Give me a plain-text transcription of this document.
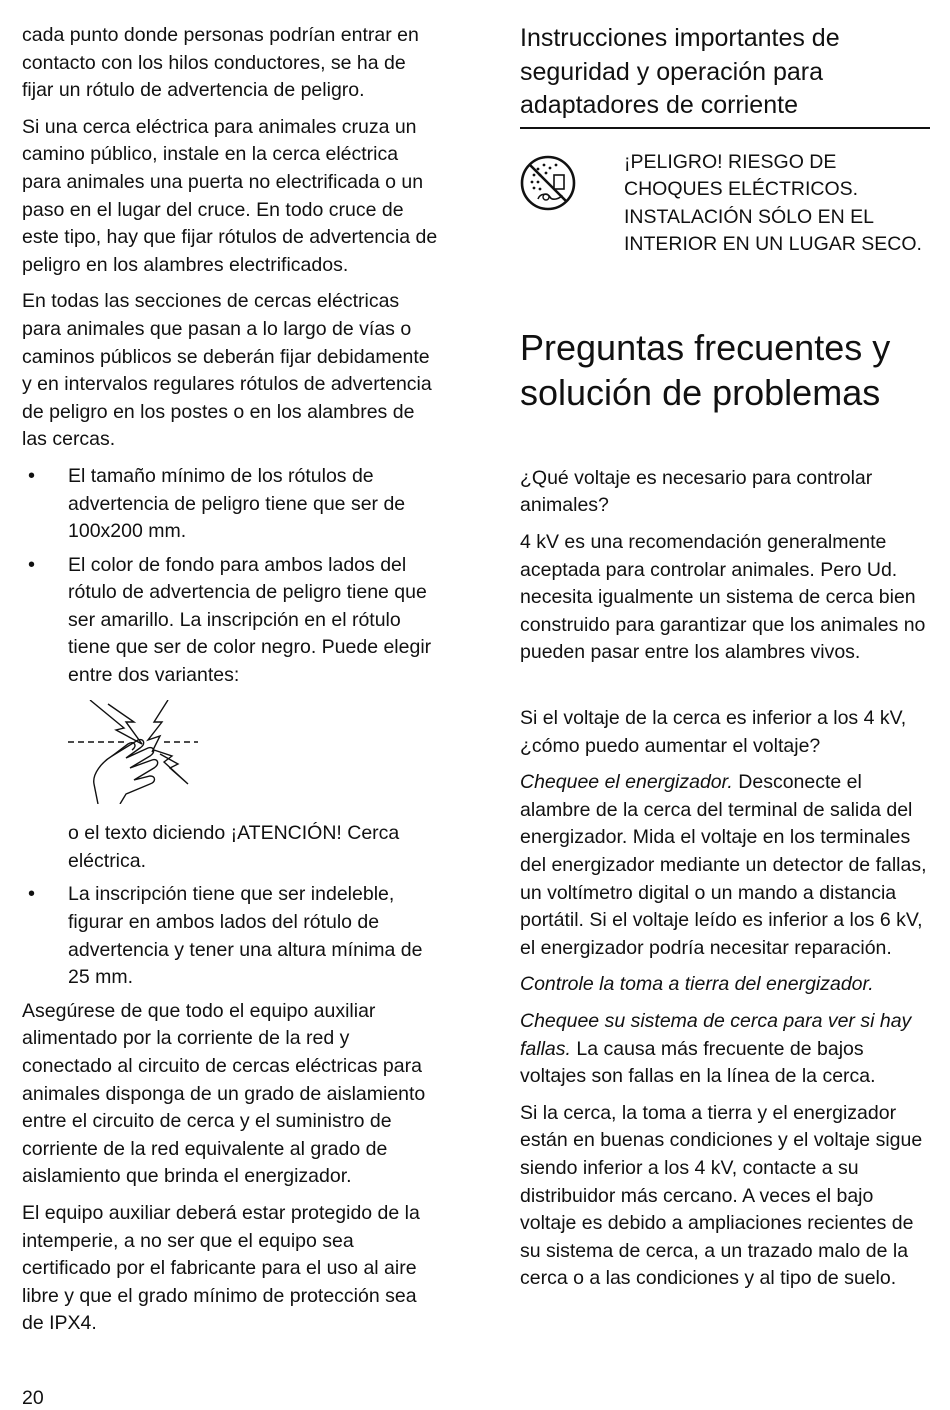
cada punto donde personas podrían entrar en contacto con los hilos conductores, se ha de fijar un rótulo de advertencia de peligro.

Si una cerca eléctrica para animales cruza un camino público, instale en la cerca eléctrica para animales una puerta no electrificada o un paso en el lugar del cruce. En todo cruce de este tipo, hay que fijar rótulos de advertencia de peligro en los alambres electrificados.

En todas las secciones de cercas eléctricas para animales que pasan a lo largo de vías o caminos públicos se deberán fijar debidamente y en intervalos regulares rótulos de advertencia de peligro en los postes o en los alambres de las cercas.

• El tamaño mínimo de los rótulos de advertencia de peligro tiene que ser de 100x200 mm.
• El color de fondo para ambos lados del rótulo de advertencia de peligro tiene que ser amarillo. La inscripción en el rótulo tiene que ser de color negro. Puede elegir entre dos variantes:

o el texto diciendo ¡ATENCIÓN! Cerca eléctrica.

• La inscripción tiene que ser indeleble, figurar en ambos lados del rótulo de advertencia y tener una altura mínima de 25 mm.

Asegúrese de que todo el equipo auxiliar alimentado por la corriente de la red y conectado al circuito de cercas eléctricas para animales disponga de un grado de aislamiento entre el circuito de cerca y el suministro de corriente de la red equivalente al grado de aislamiento que brinda el energizador.

El equipo auxiliar deberá estar protegido de la intemperie, a no ser que el equipo sea certificado por el fabricante para el uso al aire libre y que el grado mínimo de protección sea de IPX4.

Instrucciones importantes de seguridad y operación para adaptadores de corriente
¡PELIGRO! RIESGO DE CHOQUES ELÉCTRICOS. INSTALACIÓN SÓLO EN EL INTERIOR EN UN LUGAR SECO.
Preguntas frecuentes y solución de problemas

¿Qué voltaje es necesario para controlar animales?

4 kV es una recomendación generalmente aceptada para controlar animales. Pero Ud. necesita igualmente un sistema de cerca bien construido para garantizar que los animales no pueden pasar entre los alambres vivos.

Si el voltaje de la cerca es inferior a los 4 kV, ¿cómo puedo aumentar el voltaje?

Chequee el energizador. Desconecte el alambre de la cerca del terminal de salida del energizador. Mida el voltaje en los terminales del energizador mediante un detector de fallas, un voltímetro digital o un mando a distancia portátil. Si el voltaje leído es inferior a los 6 kV, el energizador podría necesitar reparación.

Controle la toma a tierra del energizador.

Chequee su sistema de cerca para ver si hay fallas. La causa más frecuente de bajos voltajes son fallas en la línea de la cerca.

Si la cerca, la toma a tierra y el energizador están en buenas condiciones y el voltaje sigue siendo inferior a los 4 kV, contacte a su distribuidor más cercano. A veces el bajo voltaje es debido a ampliaciones recientes de su sistema de cerca, a un trazado malo de la cerca o a las condiciones y al tipo de suelo.

20
